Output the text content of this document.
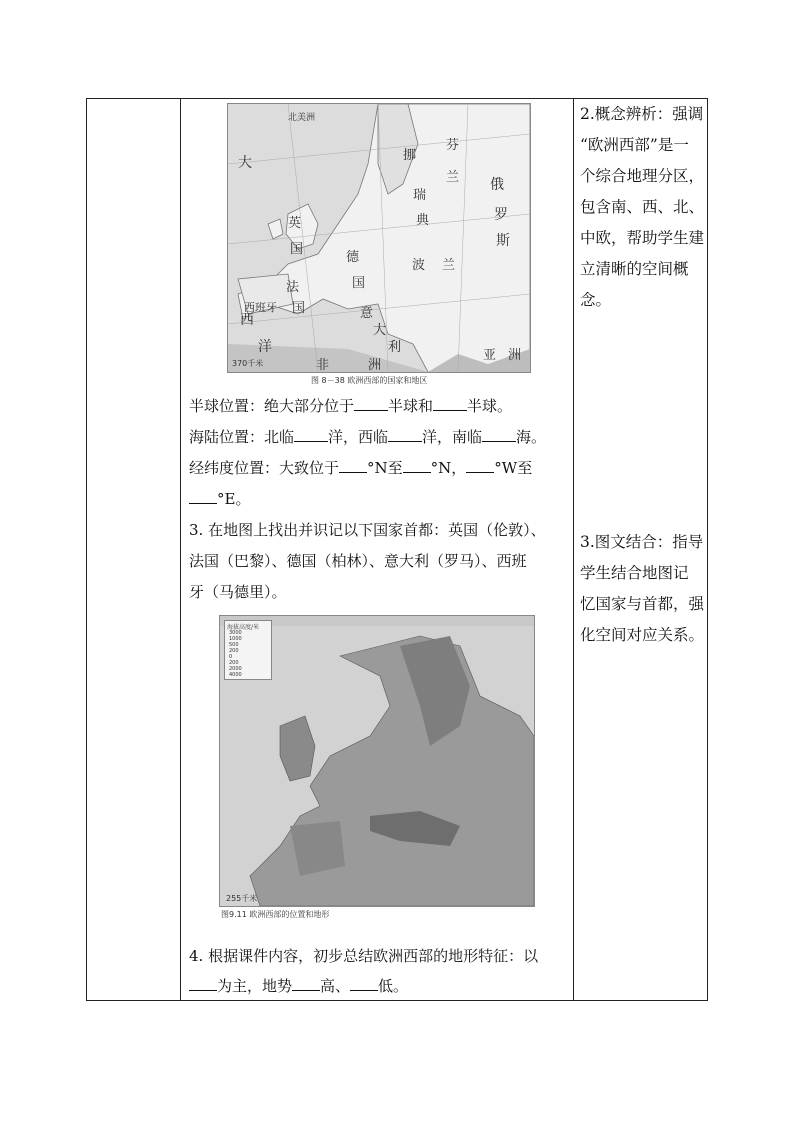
北美洲
大
西
洋
挪
芬
兰 俄
罗
斯
瑞
典
英
国
法
国
德
国
西班牙	意
大
利
非	洲
亚 洲
波 兰
370千米
图 8－38 欧洲西部的国家和地区
半球位置：绝大部分位于 半球和 半球。
海陆位置：北临 洋，西临 洋，南临 海。
经纬度位置：大致位于 °N至 °N， °W至
°E。
3. 在地图上找出并识记以下国家首都：英国（伦敦）、
法国（巴黎）、德国（柏林）、意大利（罗马）、西班
牙（马德里）。
海拔高度/米
3000
1000
500
200
0
200
2000
4000
255千米
图9.11 欧洲西部的位置和地形
4. 根据课件内容，初步总结欧洲西部的地形特征：以
为主，地势 高、 低。
2.概念辨析：强调
“欧洲西部”是一
个综合地理分区，
包含南、西、北、
中欧，帮助学生建
立清晰的空间概
念。
3.图文结合：指导
学生结合地图记
忆国家与首都，强
化空间对应关系。
